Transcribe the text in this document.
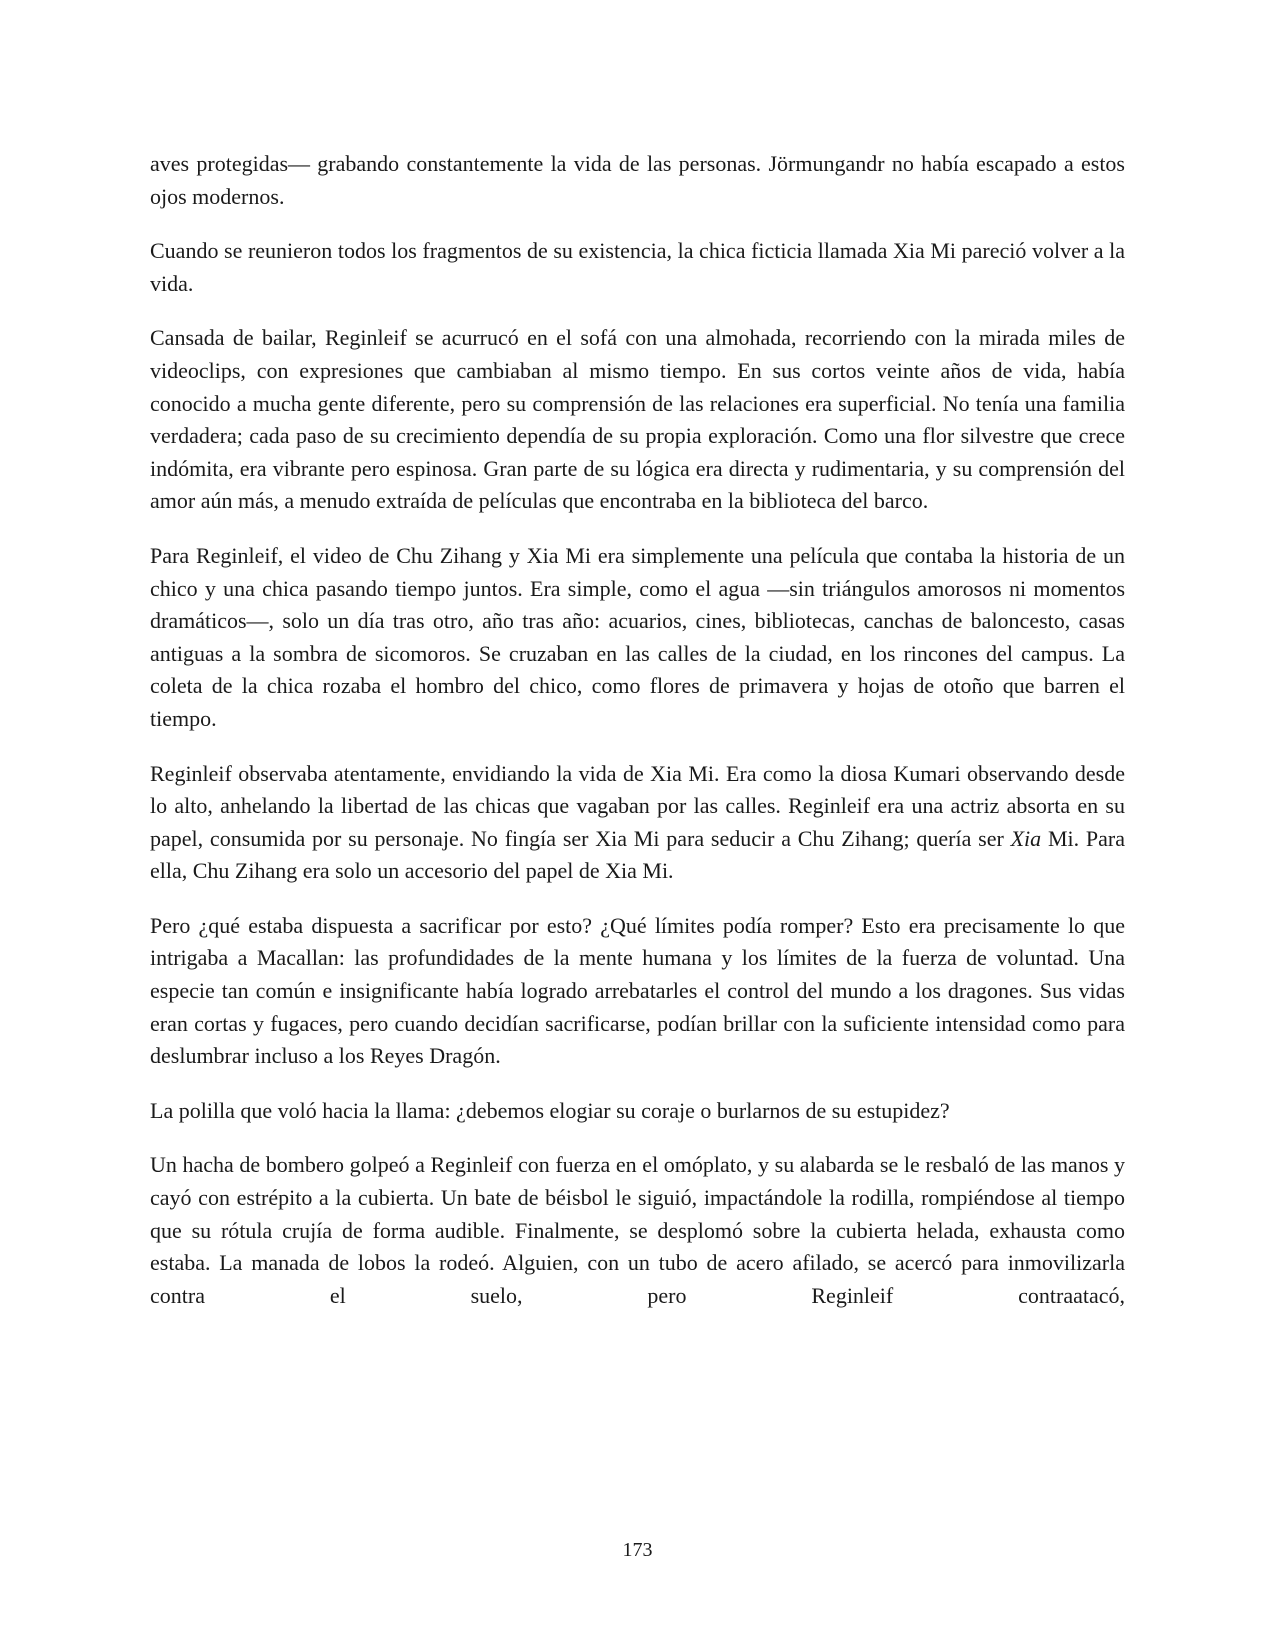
aves protegidas— grabando constantemente la vida de las personas. Jörmungandr no había escapado a estos ojos modernos.

Cuando se reunieron todos los fragmentos de su existencia, la chica ficticia llamada Xia Mi pareció volver a la vida.

Cansada de bailar, Reginleif se acurrucó en el sofá con una almohada, recorriendo con la mirada miles de videoclips, con expresiones que cambiaban al mismo tiempo. En sus cortos veinte años de vida, había conocido a mucha gente diferente, pero su comprensión de las relaciones era superficial. No tenía una familia verdadera; cada paso de su crecimiento dependía de su propia exploración. Como una flor silvestre que crece indómita, era vibrante pero espinosa. Gran parte de su lógica era directa y rudimentaria, y su comprensión del amor aún más, a menudo extraída de películas que encontraba en la biblioteca del barco.

Para Reginleif, el video de Chu Zihang y Xia Mi era simplemente una película que contaba la historia de un chico y una chica pasando tiempo juntos. Era simple, como el agua —sin triángulos amorosos ni momentos dramáticos—, solo un día tras otro, año tras año: acuarios, cines, bibliotecas, canchas de baloncesto, casas antiguas a la sombra de sicomoros. Se cruzaban en las calles de la ciudad, en los rincones del campus. La coleta de la chica rozaba el hombro del chico, como flores de primavera y hojas de otoño que barren el tiempo.

Reginleif observaba atentamente, envidiando la vida de Xia Mi. Era como la diosa Kumari observando desde lo alto, anhelando la libertad de las chicas que vagaban por las calles. Reginleif era una actriz absorta en su papel, consumida por su personaje. No fingía ser Xia Mi para seducir a Chu Zihang; quería ser Xia Mi. Para ella, Chu Zihang era solo un accesorio del papel de Xia Mi.

Pero ¿qué estaba dispuesta a sacrificar por esto? ¿Qué límites podía romper? Esto era precisamente lo que intrigaba a Macallan: las profundidades de la mente humana y los límites de la fuerza de voluntad. Una especie tan común e insignificante había logrado arrebatarles el control del mundo a los dragones. Sus vidas eran cortas y fugaces, pero cuando decidían sacrificarse, podían brillar con la suficiente intensidad como para deslumbrar incluso a los Reyes Dragón.

La polilla que voló hacia la llama: ¿debemos elogiar su coraje o burlarnos de su estupidez?

Un hacha de bombero golpeó a Reginleif con fuerza en el omóplato, y su alabarda se le resbaló de las manos y cayó con estrépito a la cubierta. Un bate de béisbol le siguió, impactándole la rodilla, rompiéndose al tiempo que su rótula crujía de forma audible. Finalmente, se desplomó sobre la cubierta helada, exhausta como estaba. La manada de lobos la rodeó. Alguien, con un tubo de acero afilado, se acercó para inmovilizarla contra el suelo, pero Reginleif contraatacó,

173
